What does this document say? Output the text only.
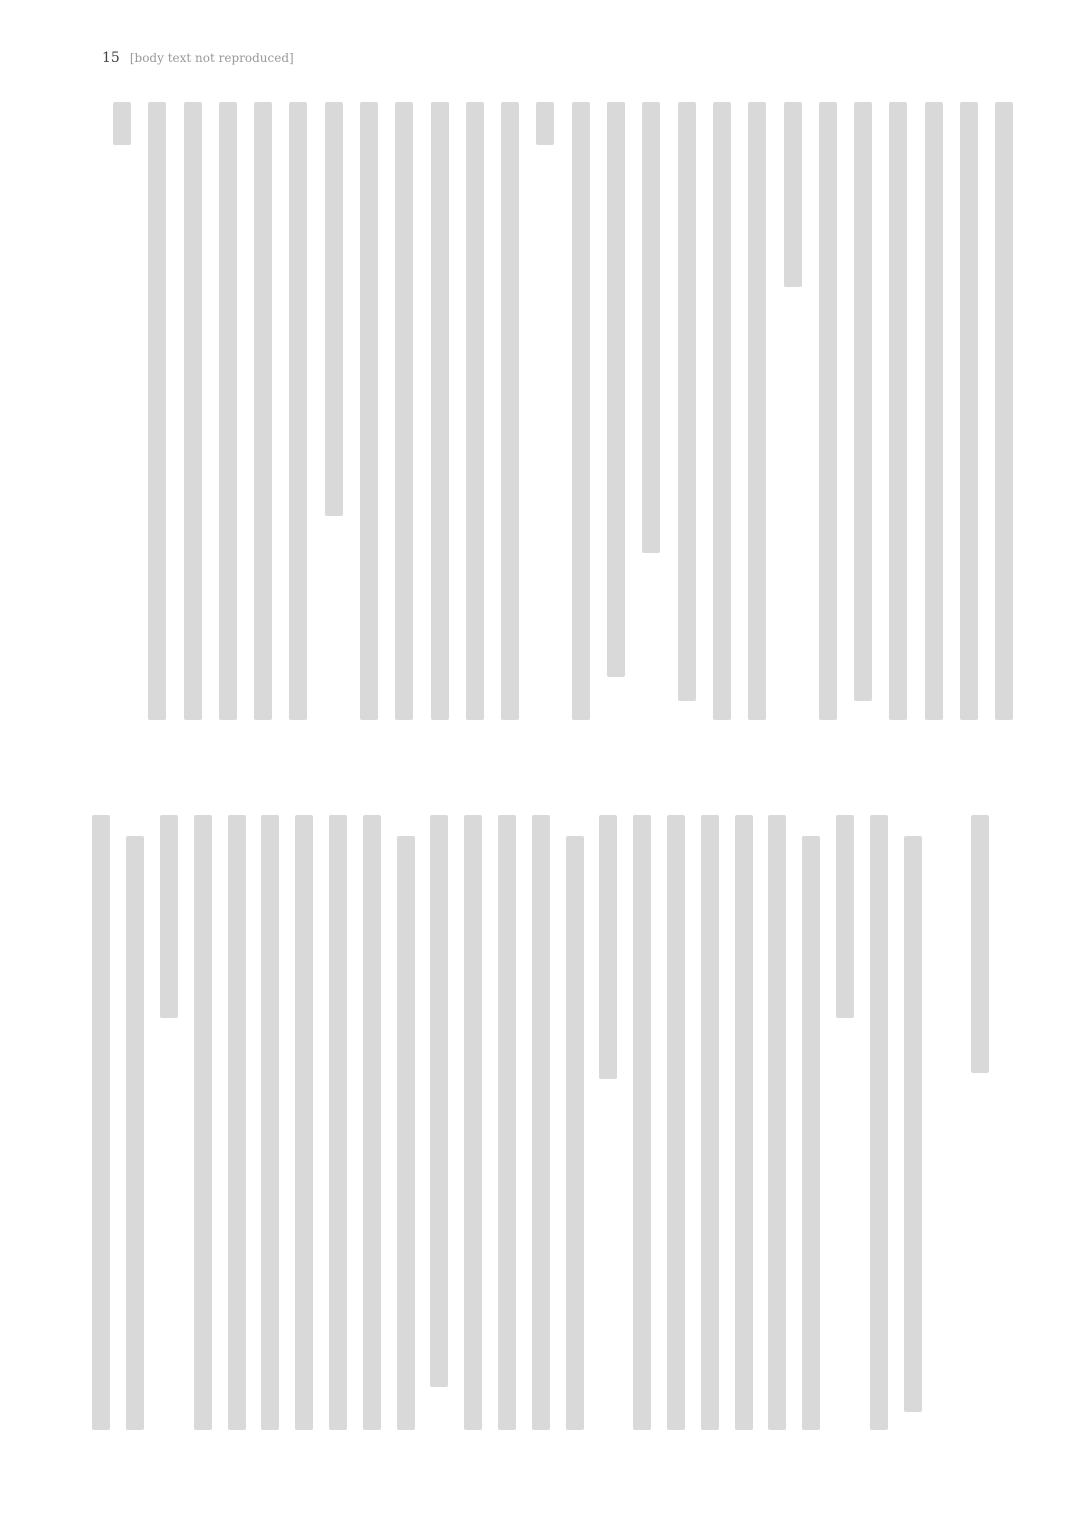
15 [body text not reproduced]
